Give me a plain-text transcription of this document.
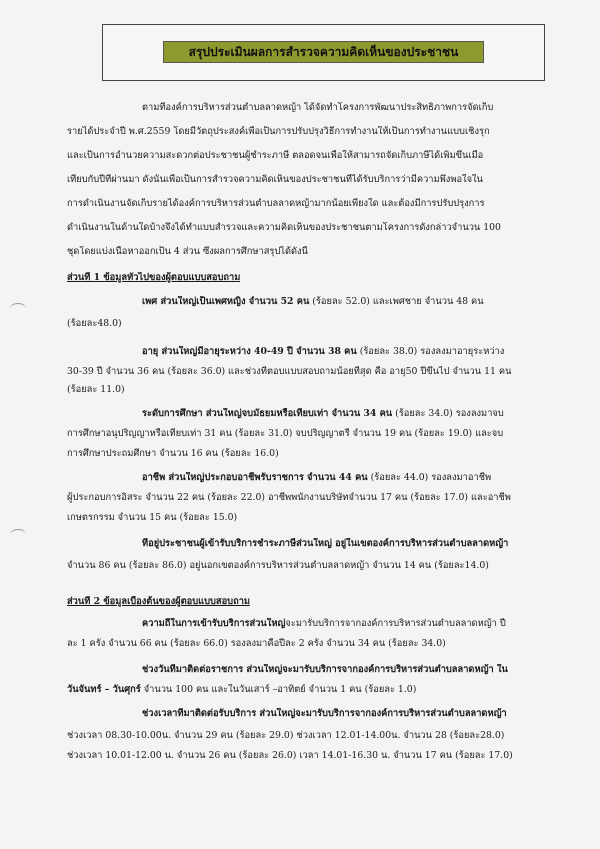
สรุปประเมินผลการสำรวจความคิดเห็นของประชาชน
ตามที่องค์การบริหารส่วนตำบลลาดหญ้า ได้จัดทำโครงการพัฒนาประสิทธิภาพการจัดเก็บ
รายได้ประจำปี พ.ศ.2559 โดยมีวัตถุประสงค์เพื่อเป็นการปรับปรุงวิธีการทำงานให้เป็นการทำงานแบบเชิงรุก
และเป็นการอำนวยความสะดวกต่อประชาชนผู้ชำระภาษี ตลอดจนเพื่อให้สามารถจัดเก็บภาษีได้เพิ่มขึ้นเมื่อ
เทียบกับปีที่ผ่านมา ดังนั้นเพื่อเป็นการสำรวจความคิดเห็นของประชาชนที่ได้รับบริการว่ามีความพึงพอใจใน
การดำเนินงานจัดเก็บรายได้องค์การบริหารส่วนตำบลลาดหญ้ามากน้อยเพียงใด และต้องมีการปรับปรุงการ
ดำเนินงานในด้านใดบ้างจึงได้ทำแบบสำรวจและความคิดเห็นของประชาชนตามโครงการดังกล่าวจำนวน 100
ชุดโดยแบ่งเนื้อหาออกเป็น 4 ส่วน ซึ่งผลการศึกษาสรุปได้ดังนี้
ส่วนที่ 1 ข้อมูลทั่วไปของผู้ตอบแบบสอบถาม
เพศ ส่วนใหญ่เป็นเพศหญิง จำนวน 52 คน (ร้อยละ 52.0) และเพศชาย จำนวน 48 คน
(ร้อยละ48.0)
อายุ ส่วนใหญ่มีอายุระหว่าง 40-49 ปี จำนวน 38 คน (ร้อยละ 38.0) รองลงมาอายุระหว่าง
30-39 ปี จำนวน 36 คน (ร้อยละ 36.0) และช่วงที่ตอบแบบสอบถามน้อยที่สุด คือ อายุ50 ปีขึ้นไป จำนวน 11 คน
(ร้อยละ 11.0)
ระดับการศึกษา ส่วนใหญ่จบมัธยมหรือเทียบเท่า จำนวน 34 คน (ร้อยละ 34.0) รองลงมาจบ
การศึกษาอนุปริญญาหรือเทียบเท่า 31 คน (ร้อยละ 31.0) จบปริญญาตรี จำนวน 19 คน (ร้อยละ 19.0) และจบ
การศึกษาประถมศึกษา จำนวน 16 คน (ร้อยละ 16.0)
อาชีพ ส่วนใหญ่ประกอบอาชีพรับราชการ จำนวน 44 คน (ร้อยละ 44.0) รองลงมาอาชีพ
ผู้ประกอบการอิสระ จำนวน 22 คน (ร้อยละ 22.0) อาชีพพนักงานบริษัทจำนวน 17 คน (ร้อยละ 17.0) และอาชีพ
เกษตรกรรม จำนวน 15 คน (ร้อยละ 15.0)
ที่อยู่ประชาชนผู้เข้ารับบริการชำระภาษีส่วนใหญ่ อยู่ในเขตองค์การบริหารส่วนตำบลลาดหญ้า
จำนวน 86 คน (ร้อยละ 86.0) อยู่นอกเขตองค์การบริหารส่วนตำบลลาดหญ้า จำนวน 14 คน (ร้อยละ14.0)
ส่วนที่ 2 ข้อมูลเบื้องต้นของผู้ตอบแบบสอบถาม
ความถี่ในการเข้ารับบริการส่วนใหญ่จะมารับบริการจากองค์การบริหารส่วนตำบลลาดหญ้า ปี
ละ 1 ครั้ง จำนวน 66 คน (ร้อยละ 66.0) รองลงมาคือปีละ 2 ครั้ง จำนวน 34 คน (ร้อยละ 34.0)
ช่วงวันที่มาติดต่อราชการ ส่วนใหญ่จะมารับบริการจากองค์การบริหารส่วนตำบลลาดหญ้า ใน
วันจันทร์ – วันศุกร์ จำนวน 100 คน และในวันเสาร์ –อาทิตย์ จำนวน 1 คน (ร้อยละ 1.0)
ช่วงเวลาที่มาติดต่อรับบริการ ส่วนใหญ่จะมารับบริการจากองค์การบริหารส่วนตำบลลาดหญ้า
ช่วงเวลา 08.30-10.00น. จำนวน 29 คน (ร้อยละ 29.0) ช่วงเวลา 12.01-14.00น. จำนวน 28 (ร้อยละ28.0)
ช่วงเวลา 10.01-12.00 น. จำนวน 26 คน (ร้อยละ 26.0) เวลา 14.01-16.30 น. จำนวน 17 คน (ร้อยละ 17.0)
